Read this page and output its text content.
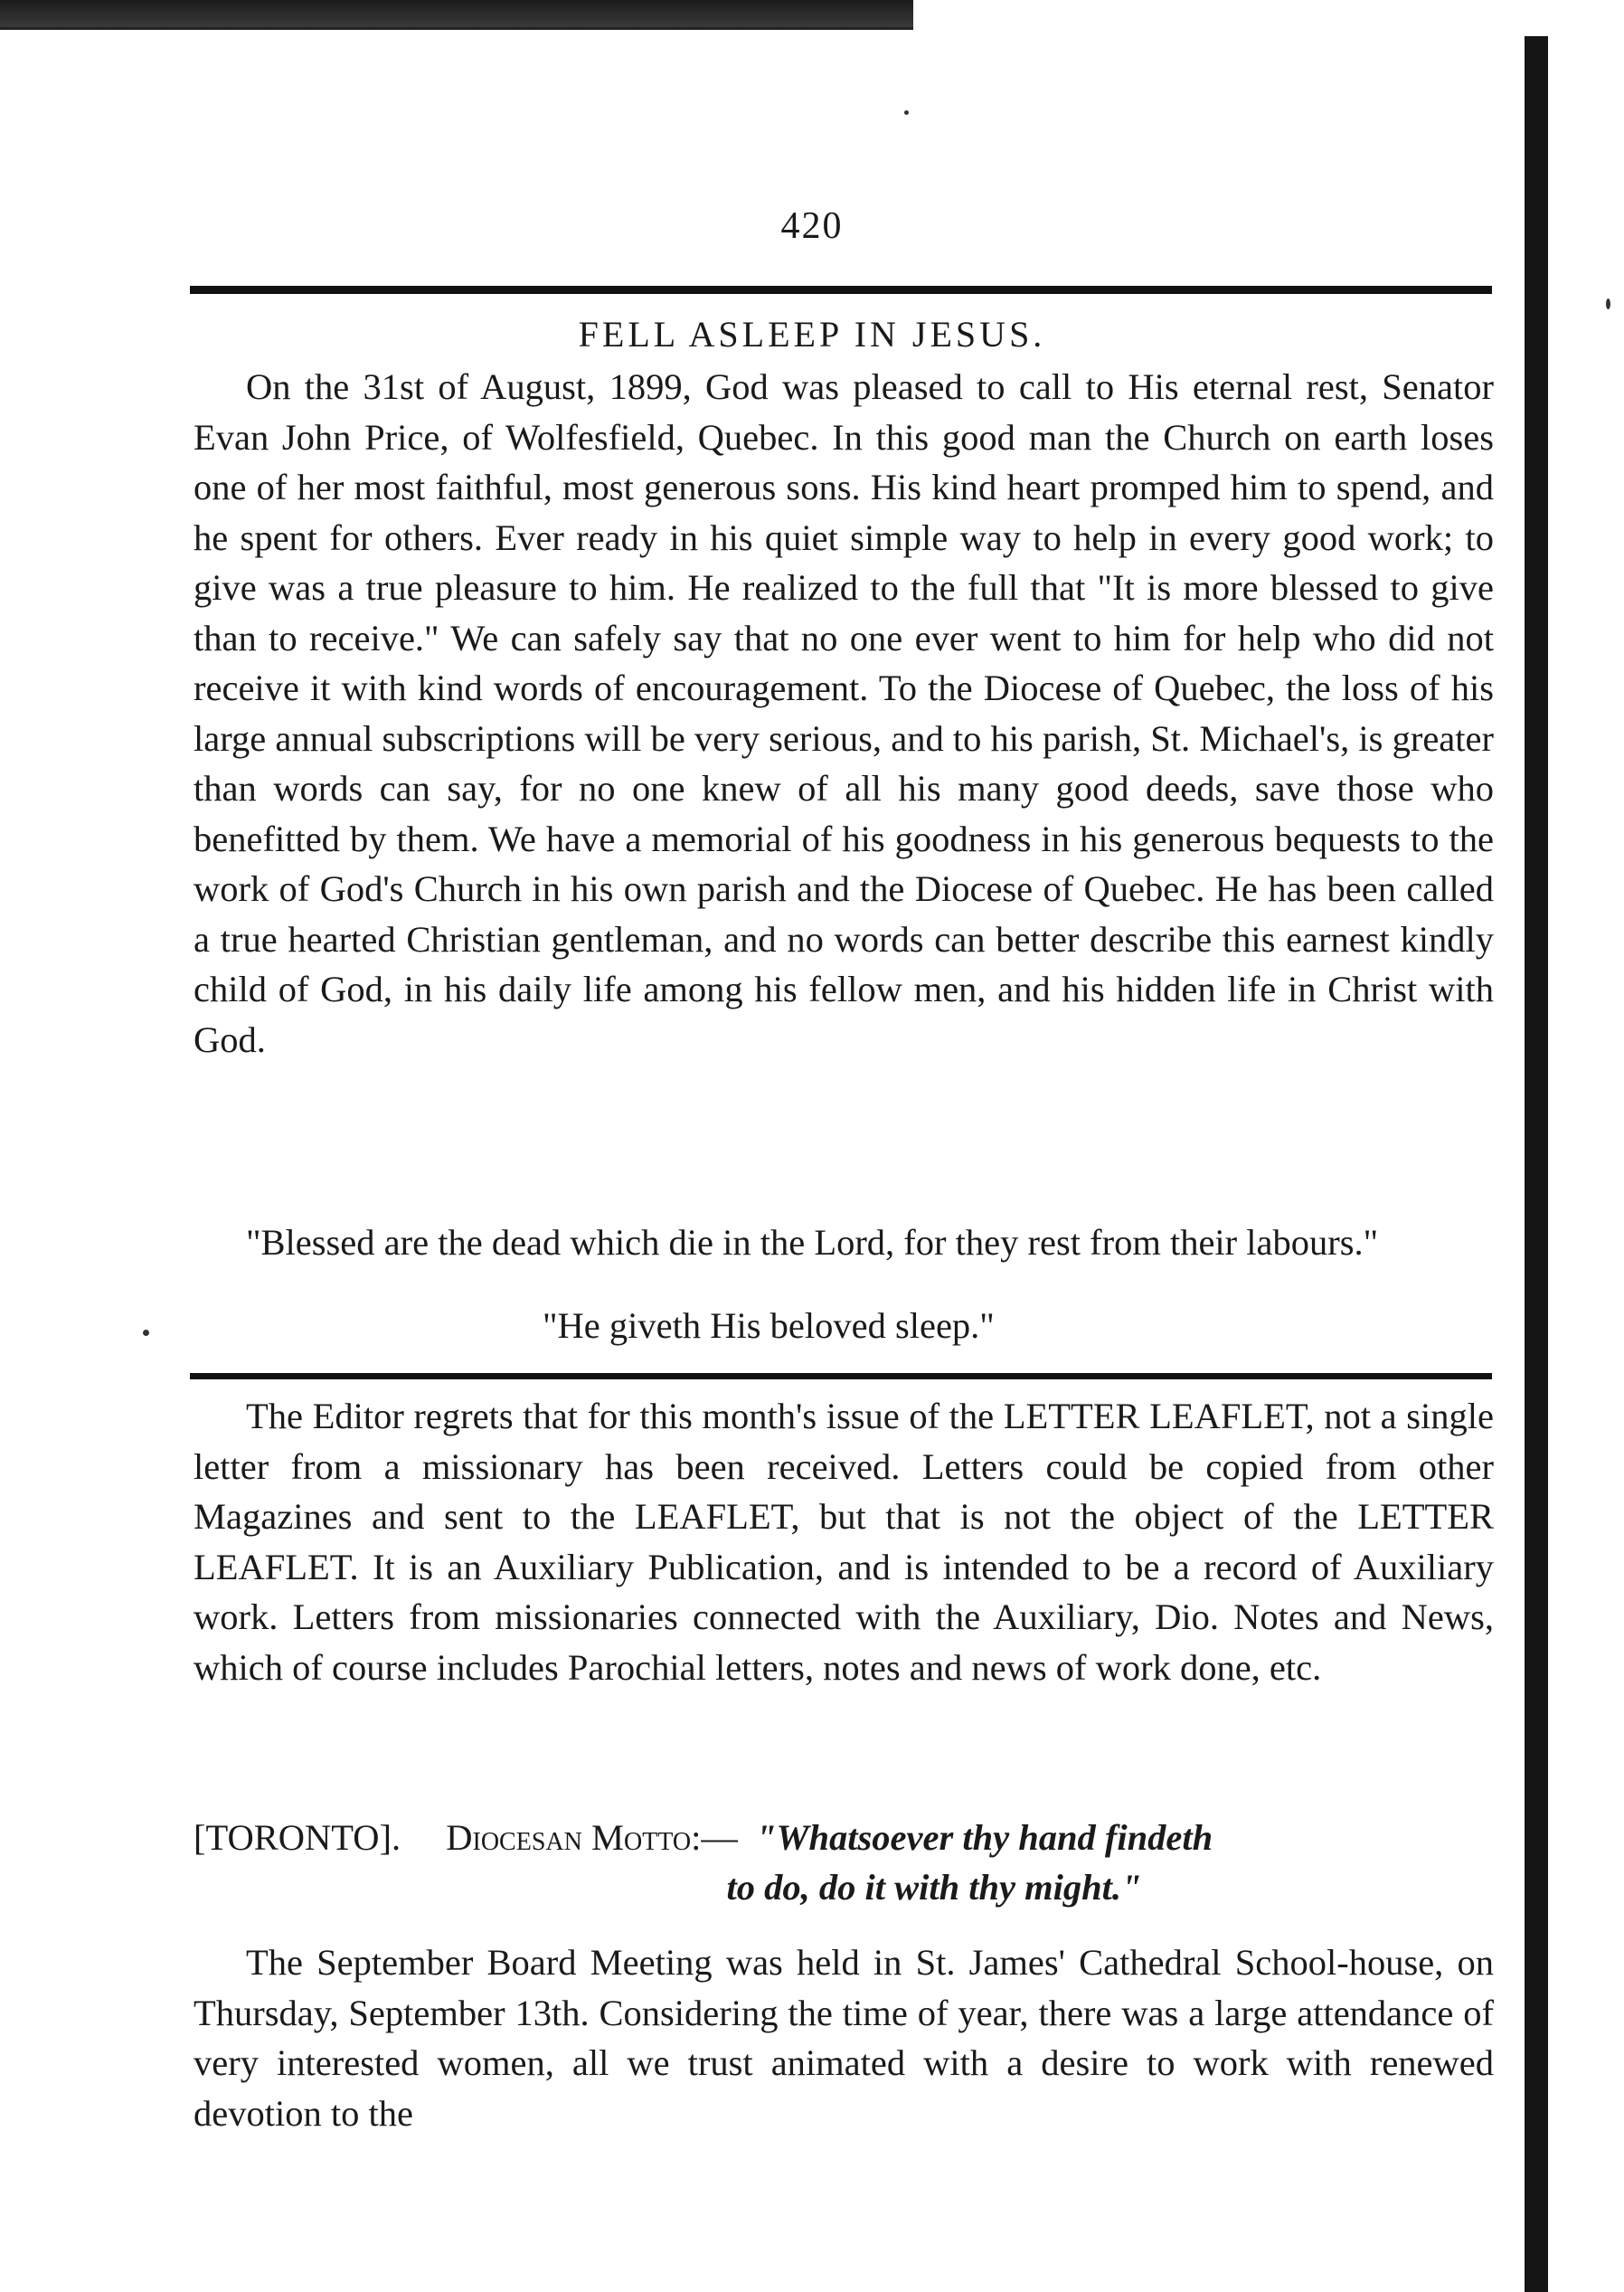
420
FELL ASLEEP IN JESUS.
On the 31st of August, 1899, God was pleased to call to His eternal rest, Senator Evan John Price, of Wolfesfield, Quebec. In this good man the Church on earth loses one of her most faithful, most generous sons. His kind heart promped him to spend, and he spent for others. Ever ready in his quiet simple way to help in every good work; to give was a true pleasure to him. He realized to the full that "It is more blessed to give than to receive." We can safely say that no one ever went to him for help who did not receive it with kind words of encouragement. To the Diocese of Quebec, the loss of his large annual subscriptions will be very serious, and to his parish, St. Michael's, is greater than words can say, for no one knew of all his many good deeds, save those who benefitted by them. We have a memorial of his goodness in his generous bequests to the work of God's Church in his own parish and the Diocese of Quebec. He has been called a true hearted Christian gentleman, and no words can better describe this earnest kindly child of God, in his daily life among his fellow men, and his hidden life in Christ with God.
"Blessed are the dead which die in the Lord, for they rest from their labours."
"He giveth His beloved sleep."
The Editor regrets that for this month's issue of the LETTER LEAFLET, not a single letter from a missionary has been received. Letters could be copied from other Magazines and sent to the LEAFLET, but that is not the object of the LETTER LEAFLET. It is an Auxiliary Publication, and is intended to be a record of Auxiliary work. Letters from missionaries connected with the Auxiliary, Dio. Notes and News, which of course includes Parochial letters, notes and news of work done, etc.
[TORONTO]. Diocesan Motto:— "Whatsoever thy hand findeth
to do, do it with thy might."
The September Board Meeting was held in St. James' Cathedral School-house, on Thursday, September 13th. Considering the time of year, there was a large attendance of very interested women, all we trust animated with a desire to work with renewed devotion to the
